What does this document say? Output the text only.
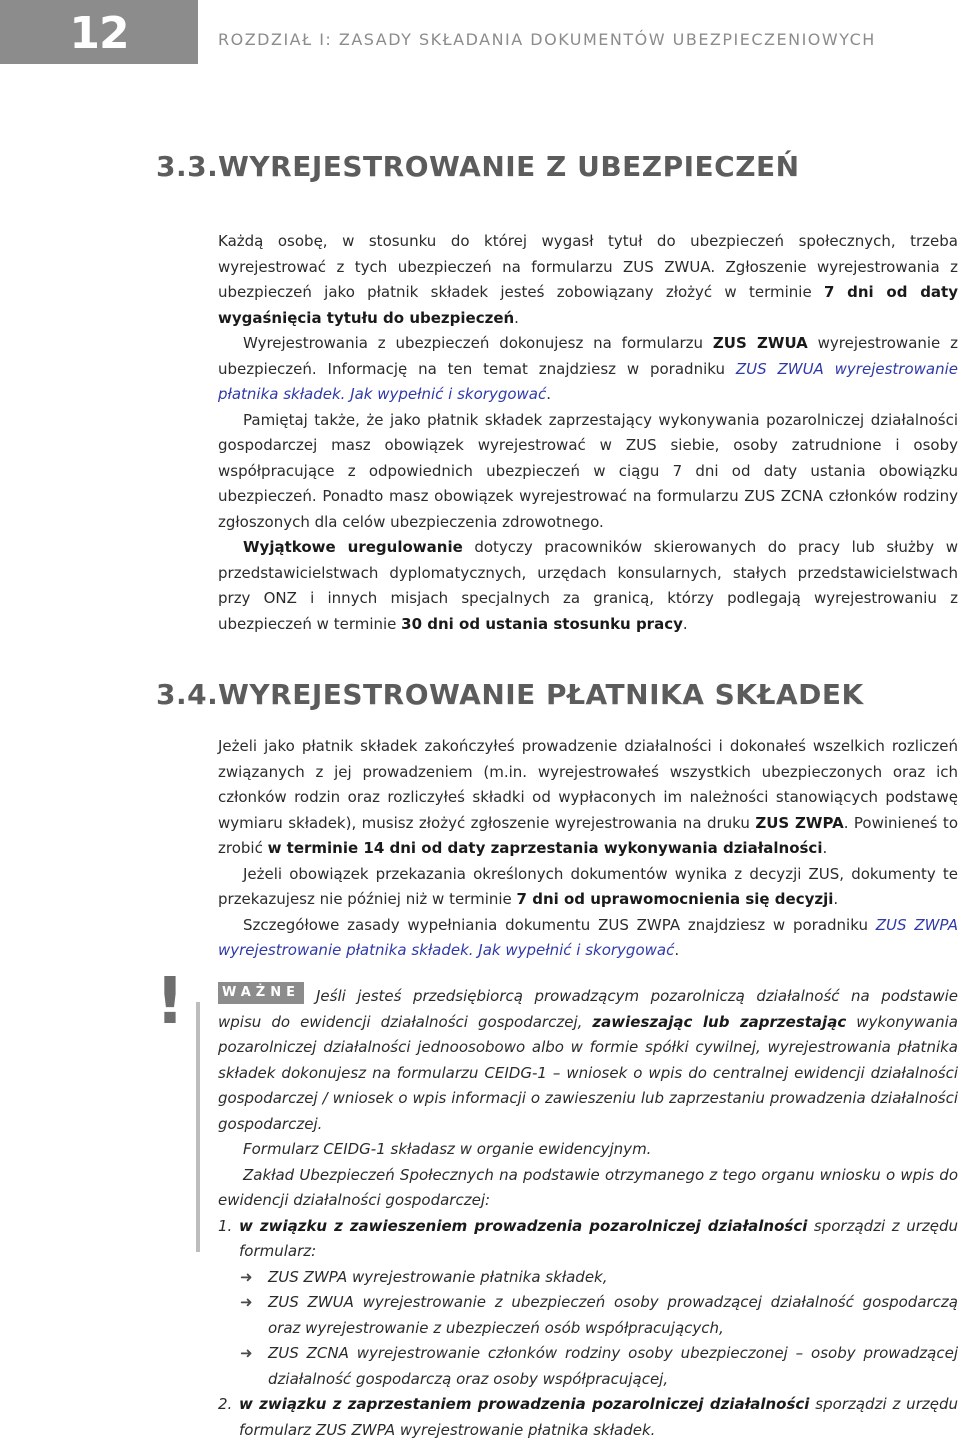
12	ROZDZIAŁ I: ZASADY SKŁADANIA DOKUMENTÓW UBEZPIECZENIOWYCH
3.3.WYREJESTROWANIE Z UBEZPIECZEŃ

Każdą osobę, w stosunku do której wygasł tytuł do ubezpieczeń społecznych, trzeba wyrejestrować z tych ubezpieczeń na formularzu ZUS ZWUA. Zgłoszenie wyrejestrowania z ubezpieczeń jako płatnik składek jesteś zobowiązany złożyć w terminie 7 dni od daty wygaśnięcia tytułu do ubezpieczeń.

Wyrejestrowania z ubezpieczeń dokonujesz na formularzu ZUS ZWUA wyrejestrowanie z ubezpieczeń. Informację na ten temat znajdziesz w poradniku ZUS ZWUA wyrejestrowanie płatnika składek. Jak wypełnić i skorygować.

Pamiętaj także, że jako płatnik składek zaprzestający wykonywania pozarolniczej działalności gospodarczej masz obowiązek wyrejestrować w ZUS siebie, osoby zatrudnione i osoby współpracujące z odpowiednich ubezpieczeń w ciągu 7 dni od daty ustania obowiązku ubezpieczeń. Ponadto masz obowiązek wyrejestrować na formularzu ZUS ZCNA członków rodziny zgłoszonych dla celów ubezpieczenia zdrowotnego.

Wyjątkowe uregulowanie dotyczy pracowników skierowanych do pracy lub służby w przedstawicielstwach dyplomatycznych, urzędach konsularnych, stałych przedstawicielstwach przy ONZ i innych misjach specjalnych za granicą, którzy podlegają wyrejestrowaniu z ubezpieczeń w terminie 30 dni od ustania stosunku pracy.

3.4.WYREJESTROWANIE PŁATNIKA SKŁADEK

Jeżeli jako płatnik składek zakończyłeś prowadzenie działalności i dokonałeś wszelkich rozliczeń związanych z jej prowadzeniem (m.in. wyrejestrowałeś wszystkich ubezpieczonych oraz ich członków rodzin oraz rozliczyłeś składki od wypłaconych im należności stanowiących podstawę wymiaru składek), musisz złożyć zgłoszenie wyrejestrowania na druku ZUS ZWPA. Powinieneś to zrobić w terminie 14 dni od daty zaprzestania wykonywania działalności.

Jeżeli obowiązek przekazania określonych dokumentów wynika z decyzji ZUS, dokumenty te przekazujesz nie później niż w terminie 7 dni od uprawomocnienia się decyzji.

Szczegółowe zasady wypełniania dokumentu ZUS ZWPA znajdziesz w poradniku ZUS ZWPA wyrejestrowanie płatnika składek. Jak wypełnić i skorygować.

!	Jeśli jesteś przedsiębiorcą prowadzącym pozarolniczą działalność na podstawie wpisu do ewidencji działalności gospodarczej, zawieszając lub zaprzestając wykonywania pozarolniczej działalności jednoosobowo albo w formie spółki cywilnej, wyrejestrowania płatnika składek dokonujesz na formularzu CEIDG-1 – wniosek o wpis do centralnej ewidencji działalności gospodarczej / wniosek o wpis informacji o zawieszeniu lub zaprzestaniu prowadzenia działalności gospodarczej.

Formularz CEIDG-1 składasz w organie ewidencyjnym.

Zakład Ubezpieczeń Społecznych na podstawie otrzymanego z tego organu wniosku o wpis do ewidencji działalności gospodarczej:

1. w związku z zawieszeniem prowadzenia pozarolniczej działalności sporządzi z urzędu formularz:

➜ ZUS ZWPA wyrejestrowanie płatnika składek,

➜ ZUS ZWUA wyrejestrowanie z ubezpieczeń osoby prowadzącej działalność gospodarczą oraz wyrejestrowanie z ubezpieczeń osób współpracujących,

➜ ZUS ZCNA wyrejestrowanie członków rodziny osoby ubezpieczonej – osoby prowadzącej działalność gospodarczą oraz osoby współpracującej,

2. w związku z zaprzestaniem prowadzenia pozarolniczej działalności sporządzi z urzędu formularz ZUS ZWPA wyrejestrowanie płatnika składek.

WAŻNE
